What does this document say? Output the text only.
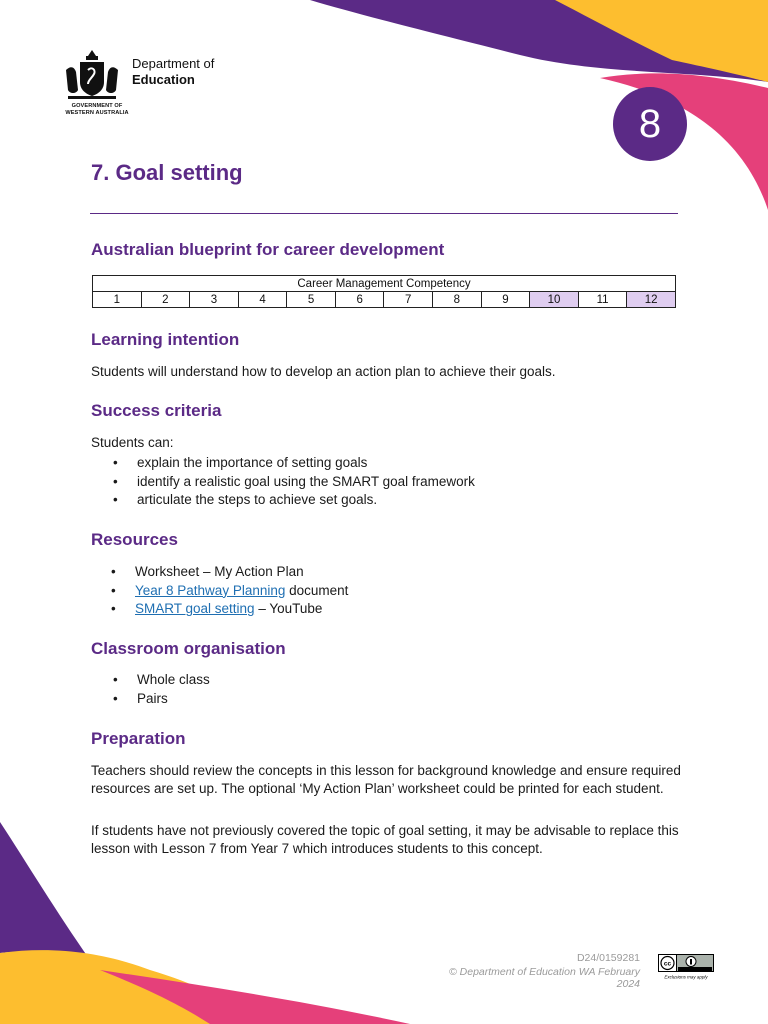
GOVERNMENT OF
WESTERN AUSTRALIA
Department of
Education
8
7. Goal setting
Australian blueprint for career development
Career Management Competency
1	2	3	4	5	6	7	8	9	10	11	12
Learning intention

Students will understand how to develop an action plan to achieve their goals.

Success criteria

Students can:

• explain the importance of setting goals
• identify a realistic goal using the SMART goal framework
• articulate the steps to achieve set goals.
Resources
• Worksheet – My Action Plan
• Year 8 Pathway Planning document
• SMART goal setting – YouTube
Classroom organisation
• Whole class
• Pairs
Preparation

Teachers should review the concepts in this lesson for background knowledge and ensure required resources are set up. The optional ‘My Action Plan’ worksheet could be printed for each student.

If students have not previously covered the topic of goal setting, it may be advisable to replace this lesson with Lesson 7 from Year 7 which introduces students to this concept.

D24/0159281
© Department of Education WA February 2024
cc
Exclusions may apply
